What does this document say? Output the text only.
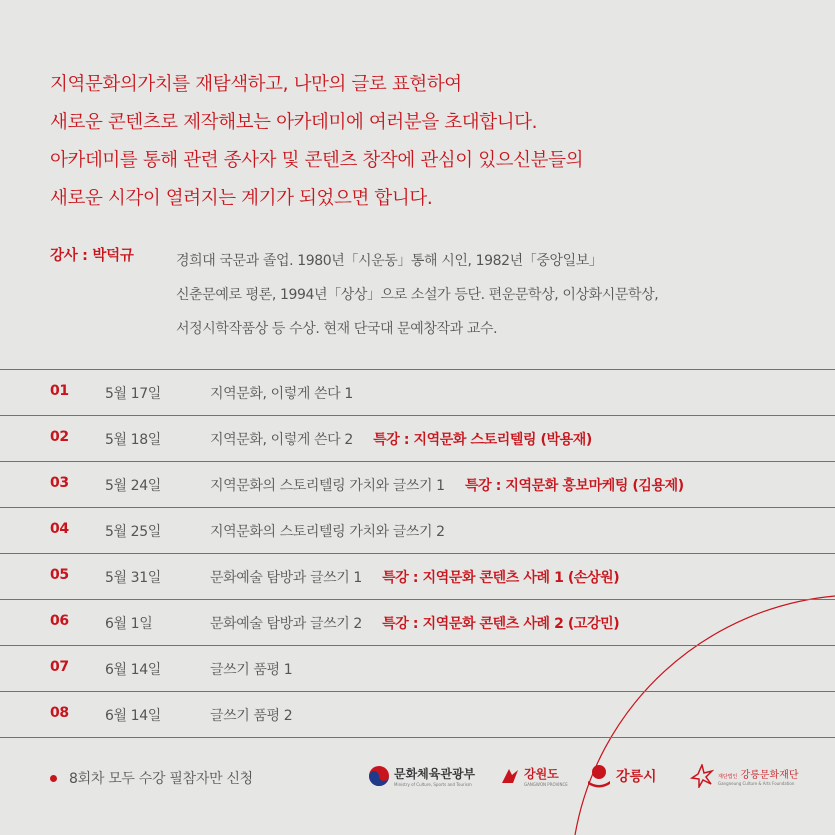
지역문화의가치를 재탐색하고, 나만의 글로 표현하여

새로운 콘텐츠로 제작해보는 아카데미에 여러분을 초대합니다.

아카데미를 통해 관련 종사자 및 콘텐츠 창작에 관심이 있으신분들의

새로운 시각이 열려지는 계기가 되었으면 합니다.

강사 : 박덕규	경희대 국문과 졸업. 1980년「시운동」통해 시인, 1982년「중앙일보」

신춘문예로 평론, 1994년「상상」으로 소설가 등단. 편운문학상, 이상화시문학상,

서정시학작품상 등 수상. 현재 단국대 문예창작과 교수.

01	5월 17일	지역문화, 이렇게 쓴다 1
02	5월 18일	지역문화, 이렇게 쓴다 2 특강 : 지역문화 스토리텔링 (박용재)
03	5월 24일	지역문화의 스토리텔링 가치와 글쓰기 1 특강 : 지역문화 홍보마케팅 (김용제)
04	5월 25일	지역문화의 스토리텔링 가치와 글쓰기 2
05	5월 31일	문화예술 탐방과 글쓰기 1 특강 : 지역문화 콘텐츠 사례 1 (손상원)
06	6월 1일	문화예술 탐방과 글쓰기 2 특강 : 지역문화 콘텐츠 사례 2 (고강민)
07	6월 14일	글쓰기 품평 1
08	6월 14일	글쓰기 품평 2
8회차 모두 수강 필참자만 신청	문화체육관광부
Ministry of Culture, Sports and Tourism
강원도
GANGWON PROVINCE	강릉시	재단법인 강릉문화재단
Gangneung Culture & Arts Foundation
